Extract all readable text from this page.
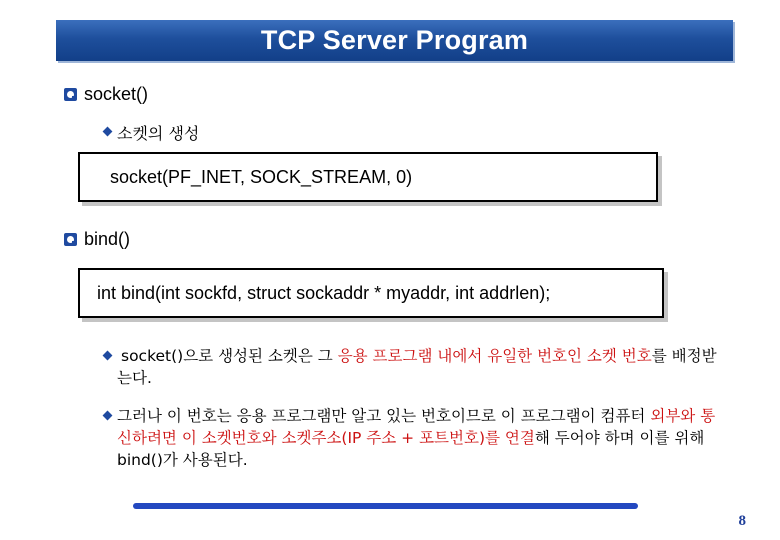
TCP Server Program
socket()
소켓의 생성
socket(PF_INET, SOCK_STREAM, 0)
bind()
int bind(int sockfd, struct sockaddr * myaddr, int addrlen);
socket()으로 생성된 소켓은 그 응용 프로그램 내에서 유일한 번호인 소켓 번호를 배정받는다.
그러나 이 번호는 응용 프로그램만 알고 있는 번호이므로 이 프로그램이 컴퓨터 외부와 통신하려면 이 소켓번호와 소켓주소(IP 주소 + 포트번호)를 연결해 두어야 하며 이를 위해 bind()가 사용된다.
8
